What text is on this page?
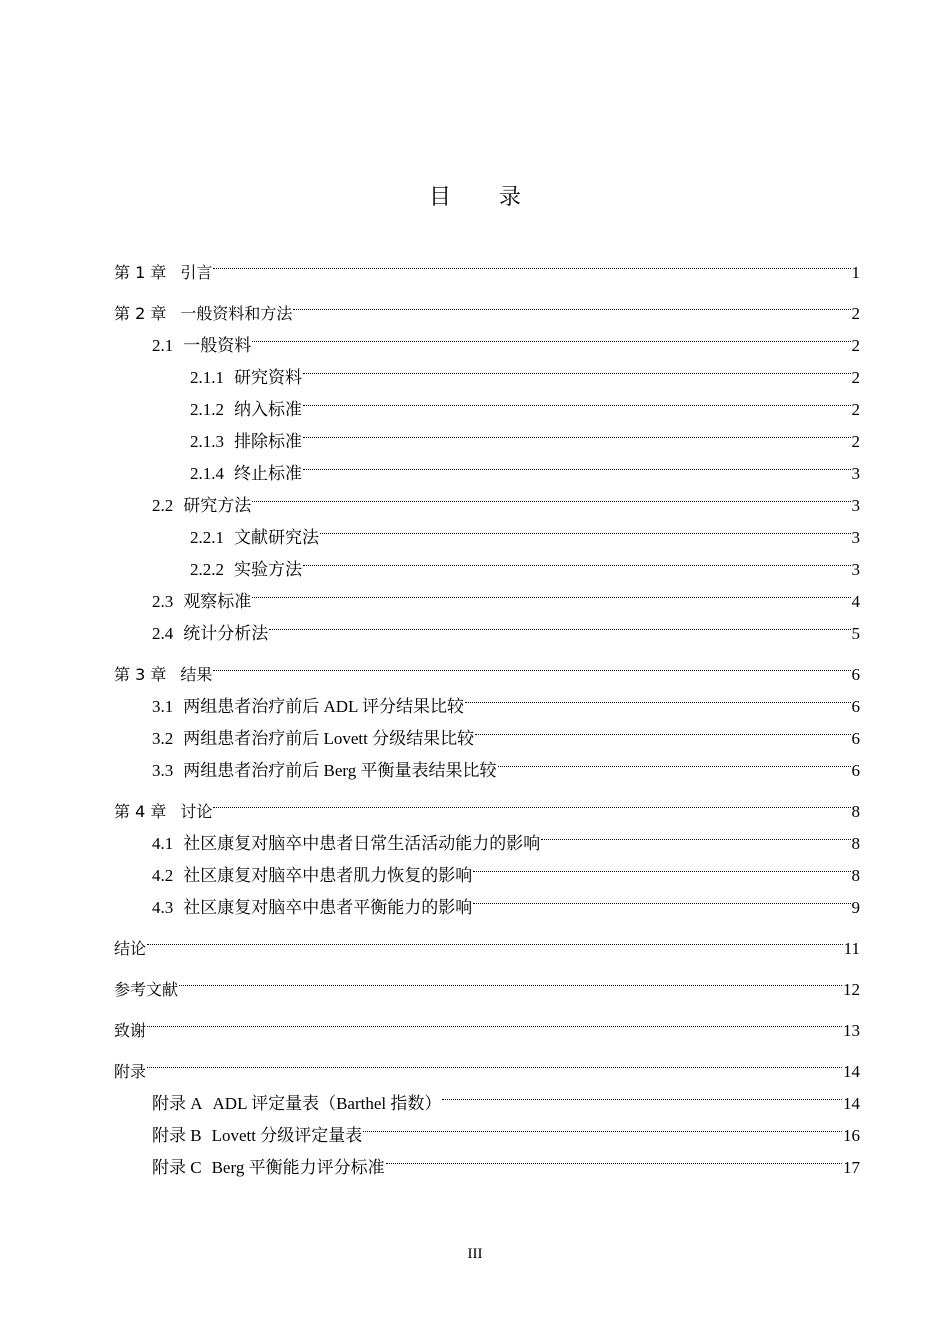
目 录
第 1 章 引言	1
第 2 章 一般资料和方法	2
2.1 一般资料	2
2.1.1 研究资料	2
2.1.2 纳入标准	2
2.1.3 排除标准	2
2.1.4 终止标准	3
2.2 研究方法	3
2.2.1 文献研究法	3
2.2.2 实验方法	3
2.3 观察标准	4
2.4 统计分析法	5
第 3 章 结果	6
3.1 两组患者治疗前后 ADL 评分结果比较	6
3.2 两组患者治疗前后 Lovett 分级结果比较	6
3.3 两组患者治疗前后 Berg 平衡量表结果比较	6
第 4 章 讨论	8
4.1 社区康复对脑卒中患者日常生活活动能力的影响	8
4.2 社区康复对脑卒中患者肌力恢复的影响	8
4.3 社区康复对脑卒中患者平衡能力的影响	9
结论	11
参考文献	12
致谢	13
附录	14
附录 A ADL 评定量表（Barthel 指数）	14
附录 B Lovett 分级评定量表	16
附录 C Berg 平衡能力评分标准	17
III
